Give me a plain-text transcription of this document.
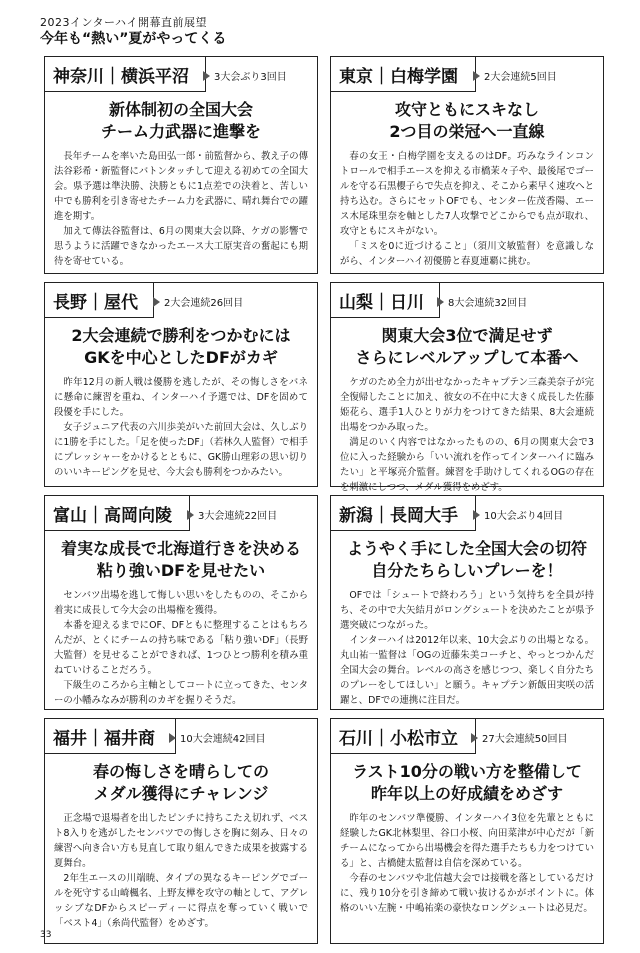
2023インターハイ開幕直前展望
今年も“熱い”夏がやってくる
神奈川｜横浜平沼	3大会ぶり3回目
新体制初の全国大会
チーム力武器に進撃を

長年チームを率いた島田弘一郎・前監督から、教え子の傳法谷彩希・新監督にバトンタッチして迎える初めての全国大会。県予選は準決勝、決勝ともに1点差での決着と、苦しい中でも勝利を引き寄せたチーム力を武器に、晴れ舞台での躍進を期す。

加えて傳法谷監督は、6月の関東大会以降、ケガの影響で思うように活躍できなかったエース大工原実音の奮起にも期待を寄せている。

東京｜白梅学園	2大会連続5回目
攻守ともにスキなし
2つ目の栄冠へ一直線

春の女王・白梅学園を支えるのはDF。巧みなラインコントロールで相手エースを抑える市橋茉々子や、最後尾でゴールを守る石黒櫻子らで失点を抑え、そこから素早く速攻へと持ち込む。さらにセットOFでも、センター佐茂香陽、エース木尾珠里奈を軸とした7人攻撃でどこからでも点が取れ、攻守ともにスキがない。

「ミスを0に近づけること」（須川文敏監督）を意識しながら、インターハイ初優勝と春夏連覇に挑む。

長野｜屋代	2大会連続26回目
2大会連続で勝利をつかむには
GKを中心としたDFがカギ

昨年12月の新人戦は優勝を逃したが、その悔しさをバネに懸命に練習を重ね、インターハイ予選では、DFを固めて段優を手にした。

女子ジュニア代表の六川歩美がいた前回大会は、久しぶりに1勝を手にした。「足を使ったDF」（若林久人監督）で相手にプレッシャーをかけるとともに、GK勝山理彩の思い切りのいいキーピングを見せ、今大会も勝利をつかみたい。

山梨｜日川 8大会連続32回目
関東大会3位で満足せず
さらにレベルアップして本番へ

ケガのため全力が出せなかったキャプテン三森美奈子が完全復帰したことに加え、彼女の不在中に大きく成長した佐藤姫花ら、選手1人ひとりが力をつけてきた結果、8大会連続出場をつかみ取った。

満足のいく内容ではなかったものの、6月の関東大会で3位に入った経験から「いい流れを作ってインターハイに臨みたい」と平塚亮介監督。練習を手助けしてくれるOGの存在を刺激にしつつ、メダル獲得をめざす。

富山｜高岡向陵	3大会連続22回目
着実な成長で北海道行きを決める
粘り強いDFを見せたい

センバツ出場を逃して悔しい思いをしたものの、そこから着実に成長して今大会の出場権を獲得。

本番を迎えるまでにOF、DFともに整理することはもちろんだが、とくにチームの持ち味である「粘り強いDF」（長野大監督）を見せることができれば、1つひとつ勝利を積み重ねていけることだろう。

下級生のころから主軸としてコートに立ってきた、センターの小幡みなみが勝利のカギを握りそうだ。

新潟｜長岡大手	10大会ぶり4回目
ようやく手にした全国大会の切符
自分たちらしいプレーを！

OFでは「シュートで終わろう」という気持ちを全員が持ち、その中で大矢結月がロングシュートを決めたことが県予選突破につながった。

インターハイは2012年以来、10大会ぶりの出場となる。丸山祐一監督は「OGの近藤朱美コーチと、やっとつかんだ全国大会の舞台。レベルの高さを感じつつ、楽しく自分たちのプレーをしてほしい」と願う。キャプテン新飯田実咲の活躍と、DFでの連携に注目だ。

福井｜福井商	10大会連続42回目
春の悔しさを晴らしての
メダル獲得にチャレンジ

正念場で退場者を出したピンチに持ちこたえ切れず、ベスト8入りを逃がしたセンバツでの悔しさを胸に刻み、日々の練習へ向き合い方も見直して取り組んできた成果を披露する夏舞台。

2年生エースの川端暁、タイプの異なるキーピングでゴールを死守する山崎楓名、上野友樺を攻守の軸として、アグレッシブなDFからスピーディーに得点を奪っていく戦いで「ベスト4」（糸尚代監督）をめざす。

石川｜小松市立 27大会連続50回目
ラスト10分の戦い方を整備して
昨年以上の好成績をめざす

昨年のセンバツ準優勝、インターハイ3位を先輩とともに経験したGK北林梨里、谷口小桜、向田菜津が中心だが「新チームになってから出場機会を得た選手たちも力をつけている」と、古橋健太監督は自信を深めている。

今春のセンバツや北信越大会では接戦を落としているだけに、残り10分を引き締めて戦い抜けるかがポイントに。体格のいい左腕・中嶋祐楽の豪快なロングシュートは必見だ。

33
